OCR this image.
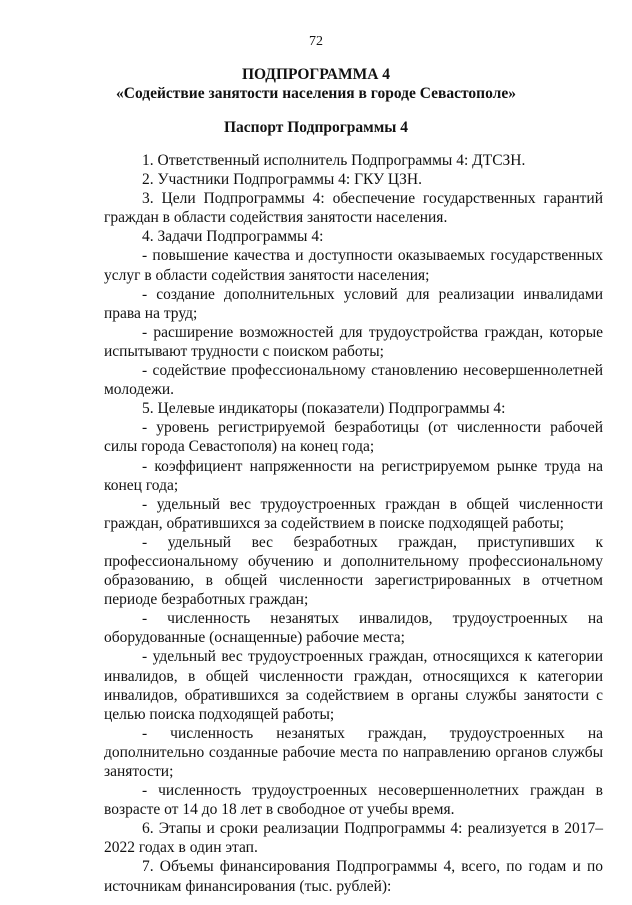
72
ПОДПРОГРАММА 4
«Содействие занятости населения в городе Севастополе»
Паспорт Подпрограммы 4

1. Ответственный исполнитель Подпрограммы 4: ДТСЗН.

2. Участники Подпрограммы 4: ГКУ ЦЗН.

3. Цели Подпрограммы 4: обеспечение государственных гарантий граждан в области содействия занятости населения.

4. Задачи Подпрограммы 4:

- повышение качества и доступности оказываемых государственных услуг в области содействия занятости населения;

- создание дополнительных условий для реализации инвалидами права на труд;

- расширение возможностей для трудоустройства граждан, которые испытывают трудности с поиском работы;

- содействие профессиональному становлению несовершеннолетней молодежи.

5. Целевые индикаторы (показатели) Подпрограммы 4:

- уровень регистрируемой безработицы (от численности рабочей силы города Севастополя) на конец года;

- коэффициент напряженности на регистрируемом рынке труда на конец года;

- удельный вес трудоустроенных граждан в общей численности граждан, обратившихся за содействием в поиске подходящей работы;

- удельный вес безработных граждан, приступивших к профессиональному обучению и дополнительному профессиональному образованию, в общей численности зарегистрированных в отчетном периоде безработных граждан;

- численность незанятых инвалидов, трудоустроенных на оборудованные (оснащенные) рабочие места;

- удельный вес трудоустроенных граждан, относящихся к категории инвалидов, в общей численности граждан, относящихся к категории инвалидов, обратившихся за содействием в органы службы занятости с целью поиска подходящей работы;

- численность незанятых граждан, трудоустроенных на дополнительно созданные рабочие места по направлению органов службы занятости;

- численность трудоустроенных несовершеннолетних граждан в возрасте от 14 до 18 лет в свободное от учебы время.

6. Этапы и сроки реализации Подпрограммы 4: реализуется в 2017–2022 годах в один этап.

7. Объемы финансирования Подпрограммы 4, всего, по годам и по источникам финансирования (тыс. рублей):
